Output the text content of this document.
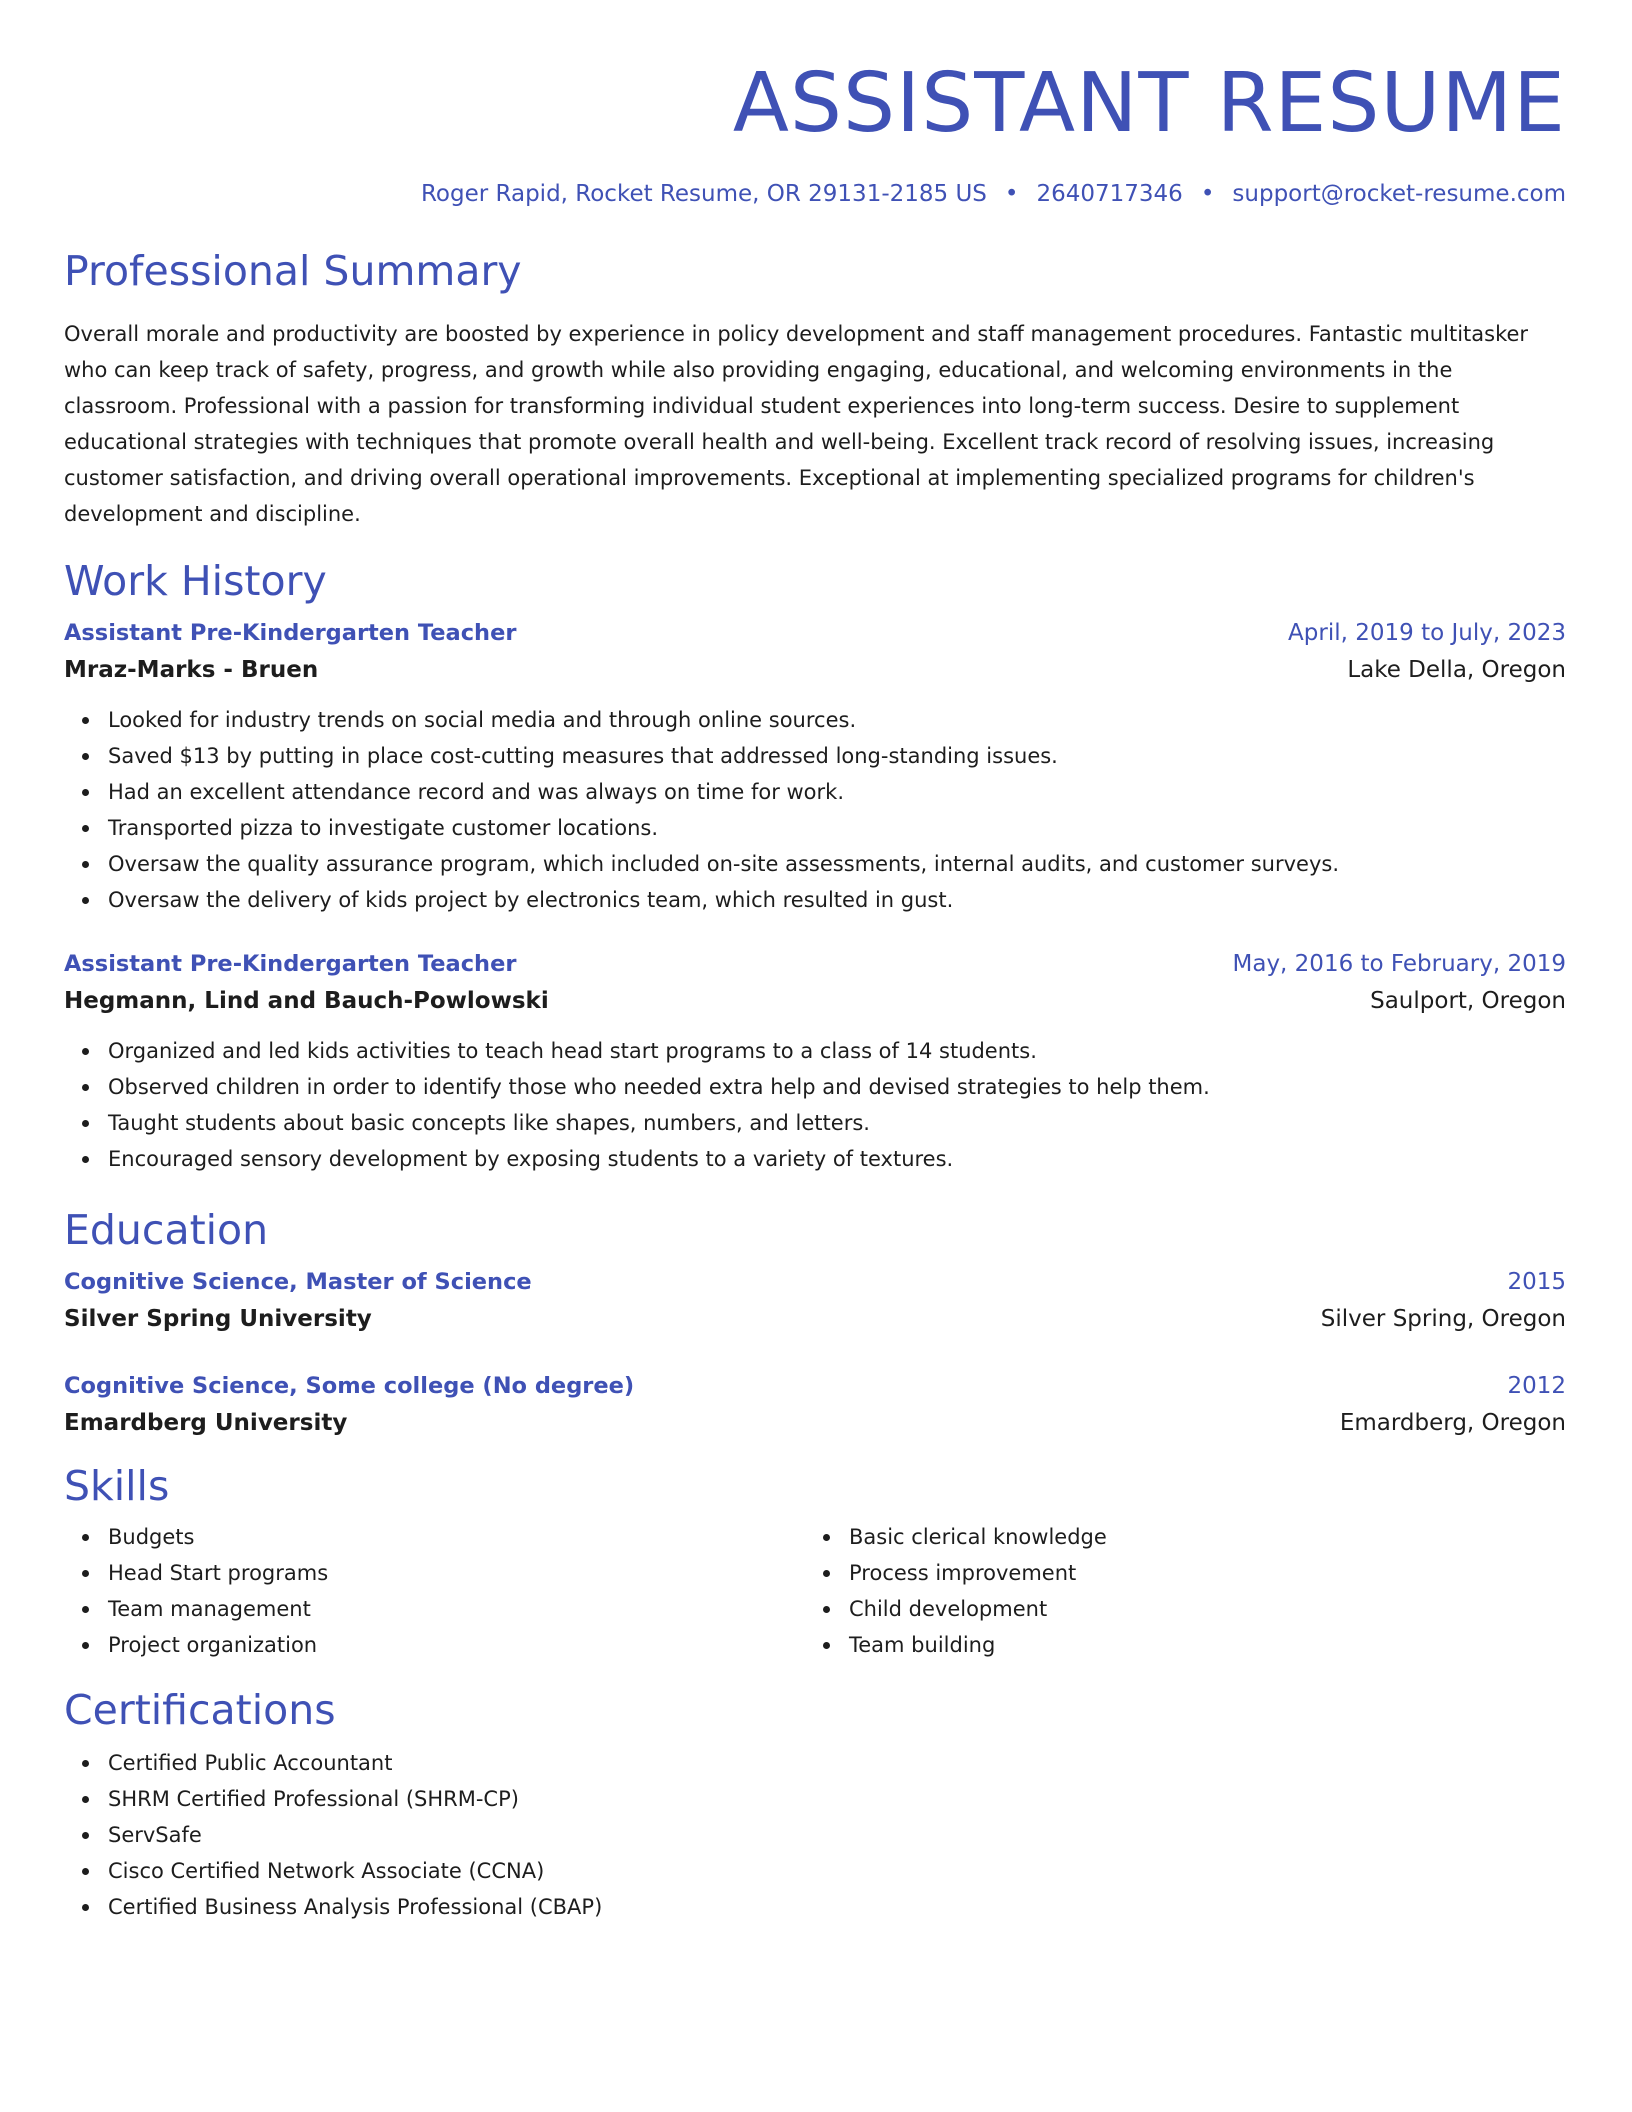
ASSISTANT RESUME
Roger Rapid, Rocket Resume, OR 29131-2185 US • 2640717346 • support@rocket-resume.com
Professional Summary
Overall morale and productivity are boosted by experience in policy development and staff management procedures. Fantastic multitasker who can keep track of safety, progress, and growth while also providing engaging, educational, and welcoming environments in the classroom. Professional with a passion for transforming individual student experiences into long-term success. Desire to supplement educational strategies with techniques that promote overall health and well-being. Excellent track record of resolving issues, increasing customer satisfaction, and driving overall operational improvements. Exceptional at implementing specialized programs for children's development and discipline.
Work History
Assistant Pre-Kindergarten Teacher	April, 2019 to July, 2023
Mraz-Marks - Bruen	Lake Della, Oregon
Looked for industry trends on social media and through online sources.
Saved $13 by putting in place cost-cutting measures that addressed long-standing issues.
Had an excellent attendance record and was always on time for work.
Transported pizza to investigate customer locations.
Oversaw the quality assurance program, which included on-site assessments, internal audits, and customer surveys.
Oversaw the delivery of kids project by electronics team, which resulted in gust.
Assistant Pre-Kindergarten Teacher	May, 2016 to February, 2019
Hegmann, Lind and Bauch-Powlowski	Saulport, Oregon
Organized and led kids activities to teach head start programs to a class of 14 students.
Observed children in order to identify those who needed extra help and devised strategies to help them.
Taught students about basic concepts like shapes, numbers, and letters.
Encouraged sensory development by exposing students to a variety of textures.
Education
Cognitive Science, Master of Science	2015
Silver Spring University	Silver Spring, Oregon
Cognitive Science, Some college (No degree)	2012
Emardberg University	Emardberg, Oregon
Skills
Budgets
Head Start programs
Team management
Project organization
Basic clerical knowledge
Process improvement
Child development
Team building
Certifications
Certified Public Accountant
SHRM Certified Professional (SHRM-CP)
ServSafe
Cisco Certified Network Associate (CCNA)
Certified Business Analysis Professional (CBAP)
